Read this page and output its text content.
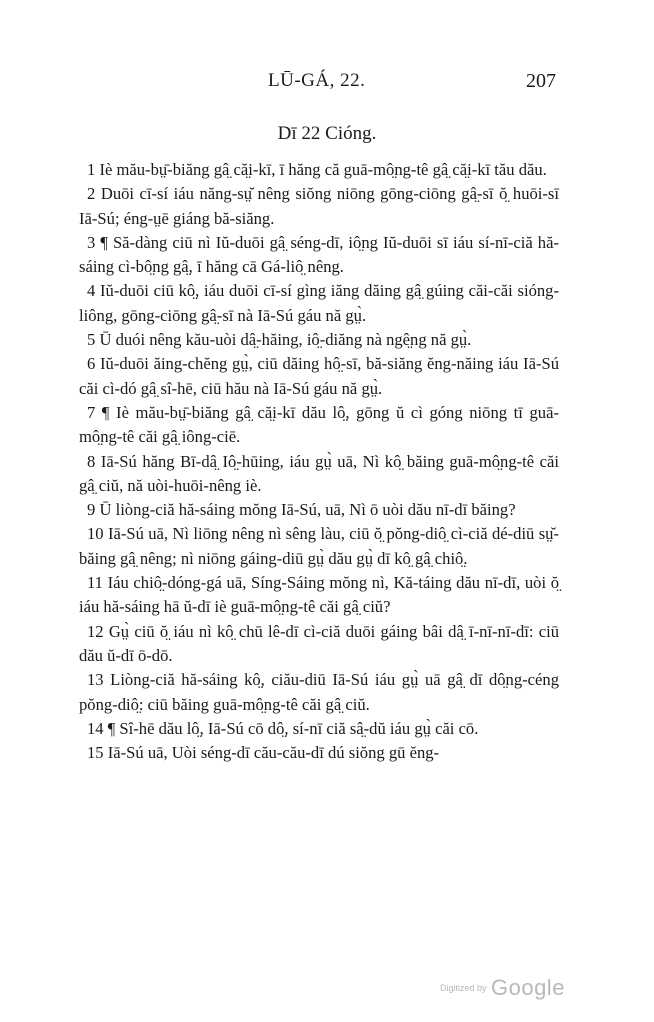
LŪ-GÁ, 22.	207
Dī 22 Cióng.

1 Iè mău-bṳ̄-biăng gâ̤ că̤i-kī, ī hăng că guā-mô̤ng-tê gâ̤ că̤i-kī tău dău.

2 Duōi cī-sí iáu năng-sṳ̆ nêng siŏng niōng gōng-ciōng gâ̤-sī ŏ̤ huōi-sī Iā-Sú; éng-ṳē giáng bă-siăng.

3 ¶ Să-dàng ciū nì Iŭ-duōi gâ̤ séng-dī, iô̤ng Iŭ-duōi sī iáu sí-nī-ciă hă-sáing cì-bô̤ng gâ̤, ī hăng cā Gá-liô̤ nêng.

4 Iŭ-duōi ciū kô̤, iáu duōi cī-sí gìng iăng dăing gâ̤ gúing căi-căi sióng-liông, gōng-ciōng gâ̤-sī nà Iā-Sú gáu nă gṳ̀.

5 Ū duói nêng kău-uòi dâ̤-hăing, iô̤-diăng nà ngê̤ng nă gṳ̀.

6 Iŭ-duōi ăing-chĕng gṳ̀, ciū dăing hô̤-sī, bă-siăng ĕng-năing iáu Iā-Sú căi cì-dó gâ̤ sî-hē, ciū hău nà Iā-Sú gáu nă gṳ̀.

7 ¶ Iè mău-bṳ̄-biăng gâ̤ că̤i-kī dău lô̤, gōng ŭ cì góng niōng tī guā-mô̤ng-tê căi gâ̤ iông-ciē.

8 Iā-Sú hăng Bī-dâ̤ Iô̤-hūing, iáu gṳ̀ uā, Nì kô̤ băing guā-mô̤ng-tê căi gâ̤ ciŭ, nă uòi-huōi-nêng iè.

9 Ū liòng-ciă hă-sáing mŏng Iā-Sú, uā, Nì ō uòi dău nī-dī băing?

10 Iā-Sú uā, Nì liōng nêng nì sêng làu, ciū ŏ̤ pŏng-diô̤ cì-ciă dé-diū sṳ̆-băing gâ̤ nêng; nì niōng gáing-diū gṳ̀ dău gṳ̀ dī kô̤ gâ̤ chiô̤.

11 Iáu chiô̤-dóng-gá uā, Síng-Sáing mŏng nì, Kă-táing dău nī-dī, uòi ŏ̤ iáu hă-sáing hā ŭ-dī iè guā-mô̤ng-tê căi gâ̤ ciŭ?

12 Gṳ̀ ciū ŏ̤ iáu nì kô̤ chū lê-dī cì-ciă duōi gáing bâi dâ̤ ī-nī-nī-dī: ciū dău ŭ-dī ō-dō.

13 Liòng-ciă hă-sáing kô̤, ciău-diū Iā-Sú iáu gṳ̀ uā gâ̤ dī dô̤ng-céng pŏng-diô̤: ciū băing guā-mô̤ng-tê căi gâ̤ ciŭ.

14 ¶ Sî-hē dău lô̤, Iā-Sú cō dô̤, sí-nī ciă sâ̤-dŭ iáu gṳ̀ căi cō.

15 Iā-Sú uā, Uòi séng-dī cău-cău-dī dú siŏng gū ĕng-

Digitized by Google
